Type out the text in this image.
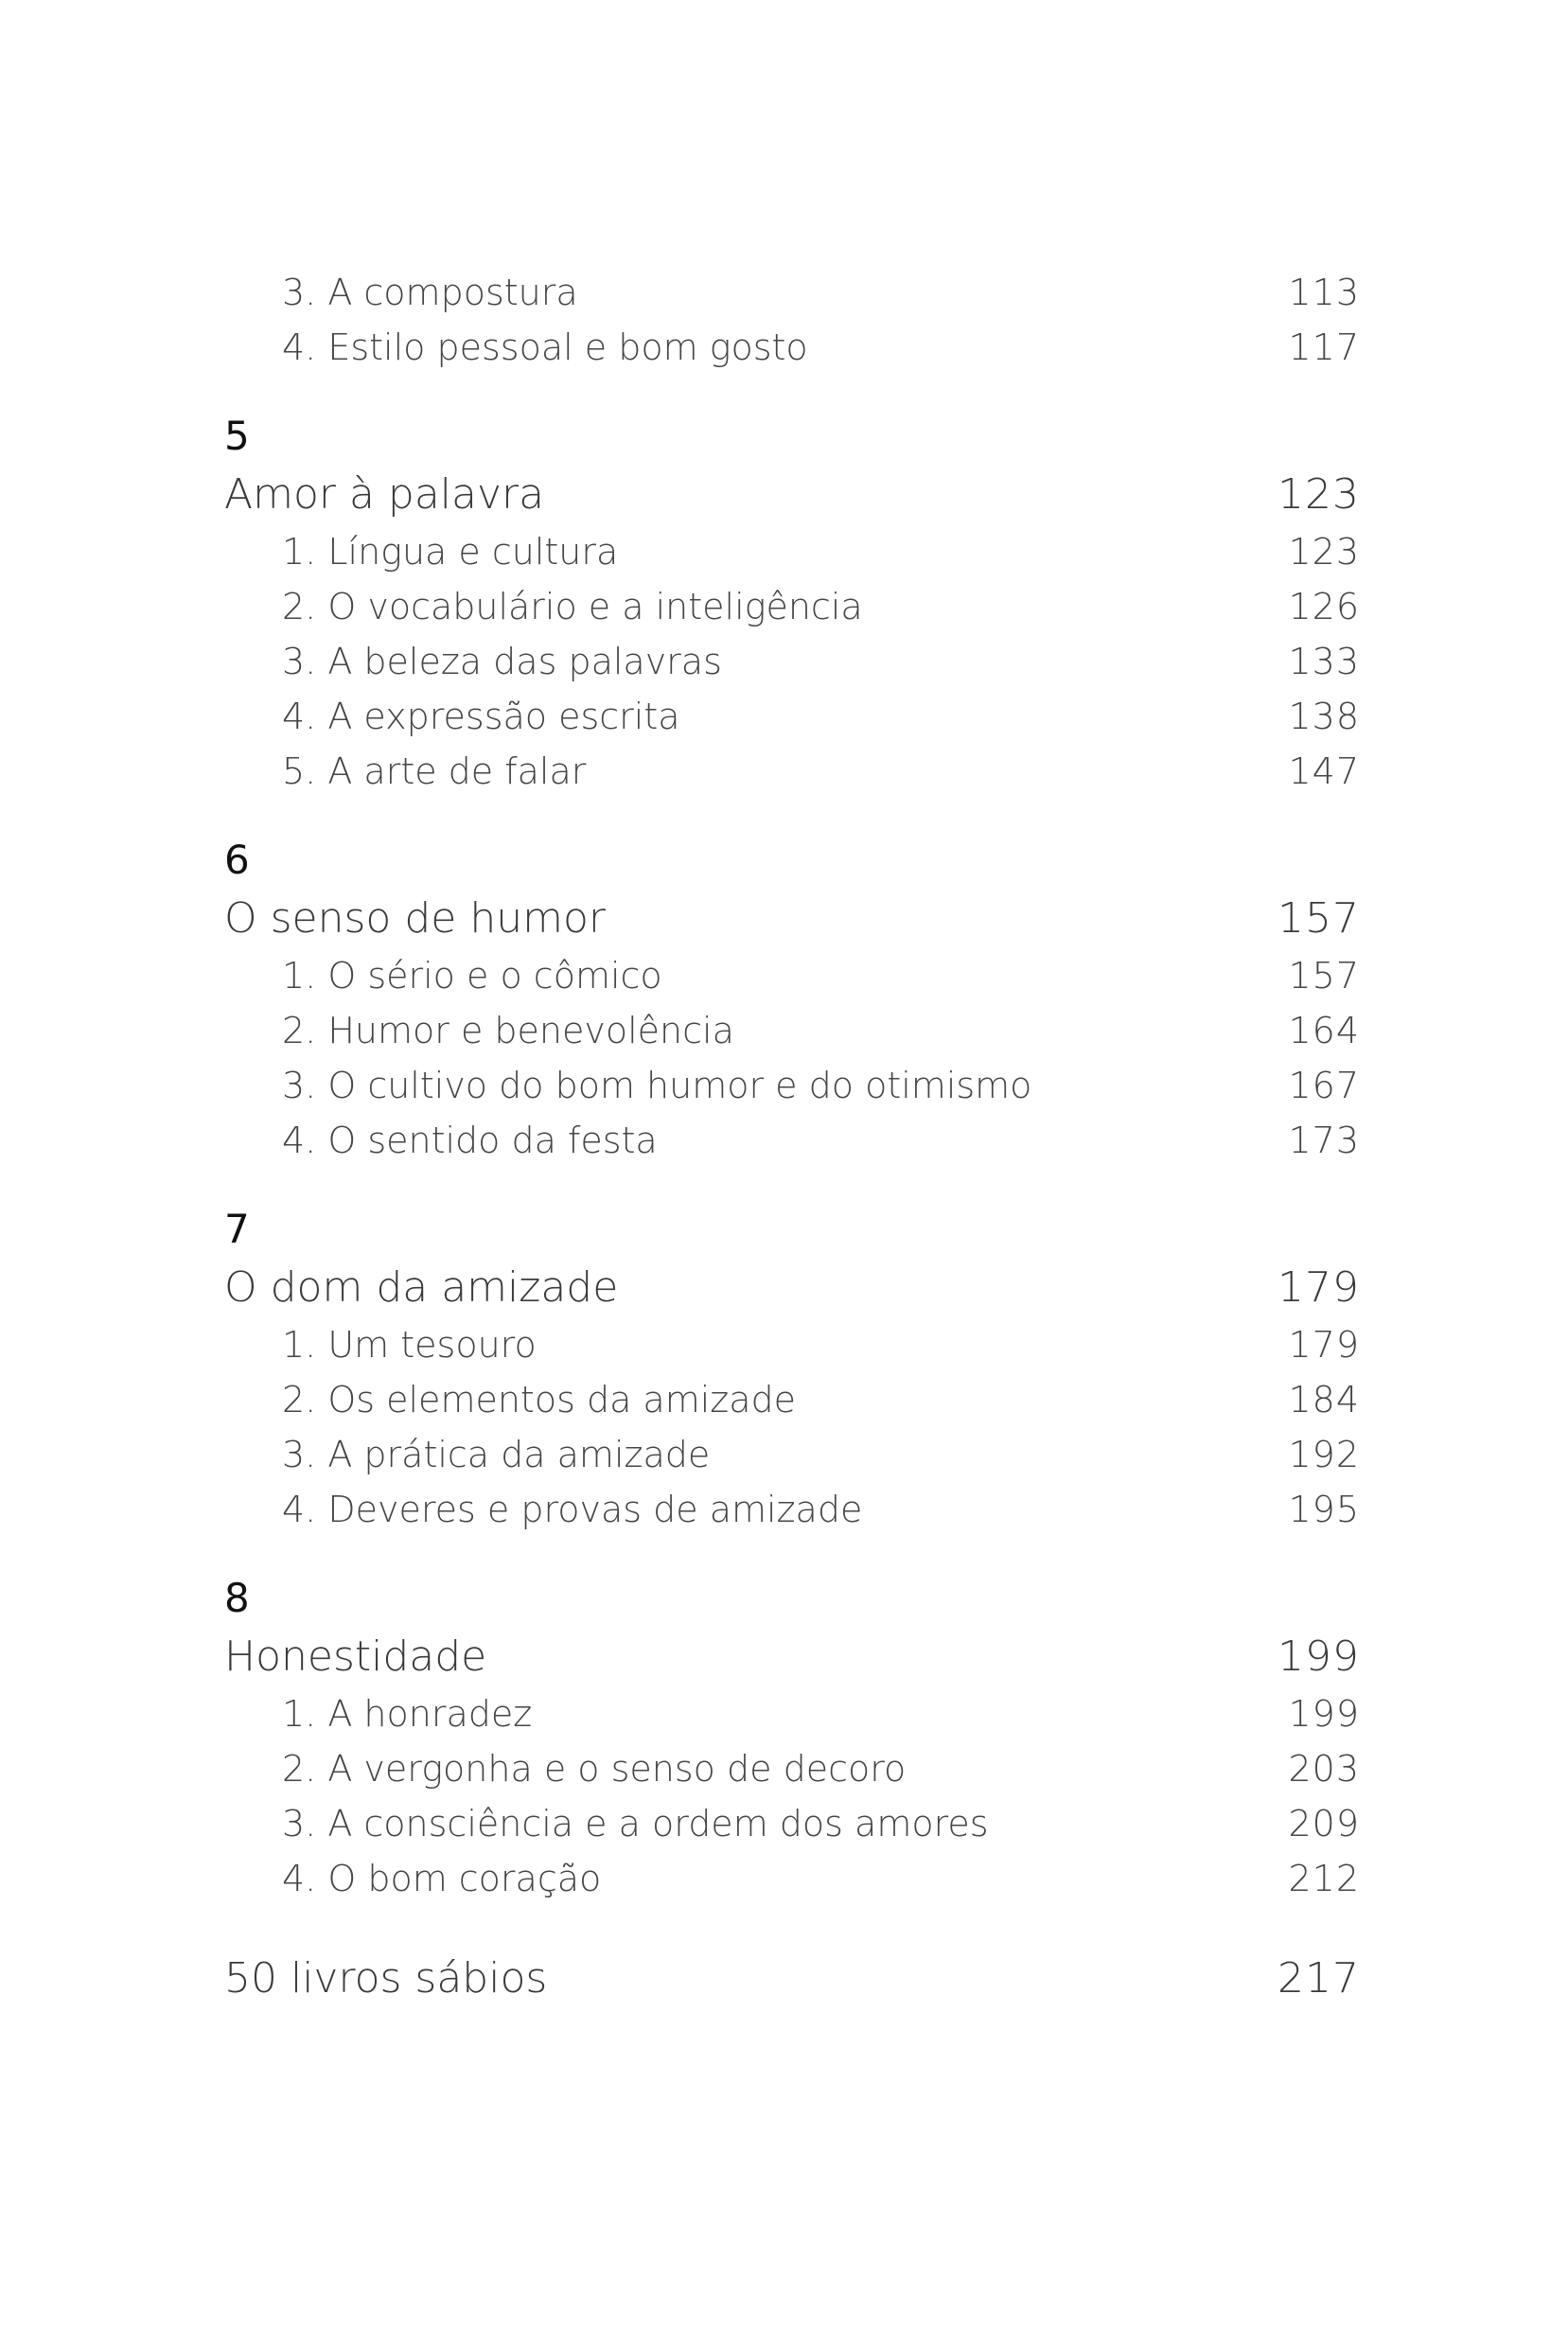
3. A compostura	113
4. Estilo pessoal e bom gosto	117
5
Amor à palavra	123
1. Língua e cultura	123
2. O vocabulário e a inteligência	126
3. A beleza das palavras	133
4. A expressão escrita	138
5. A arte de falar	147
6
O senso de humor	157
1. O sério e o cômico	157
2. Humor e benevolência	164
3. O cultivo do bom humor e do otimismo	167
4. O sentido da festa	173
7
O dom da amizade	179
1. Um tesouro	179
2. Os elementos da amizade	184
3. A prática da amizade	192
4. Deveres e provas de amizade	195
8
Honestidade	199
1. A honradez	199
2. A vergonha e o senso de decoro	203
3. A consciência e a ordem dos amores	209
4. O bom coração	212
50 livros sábios	217
